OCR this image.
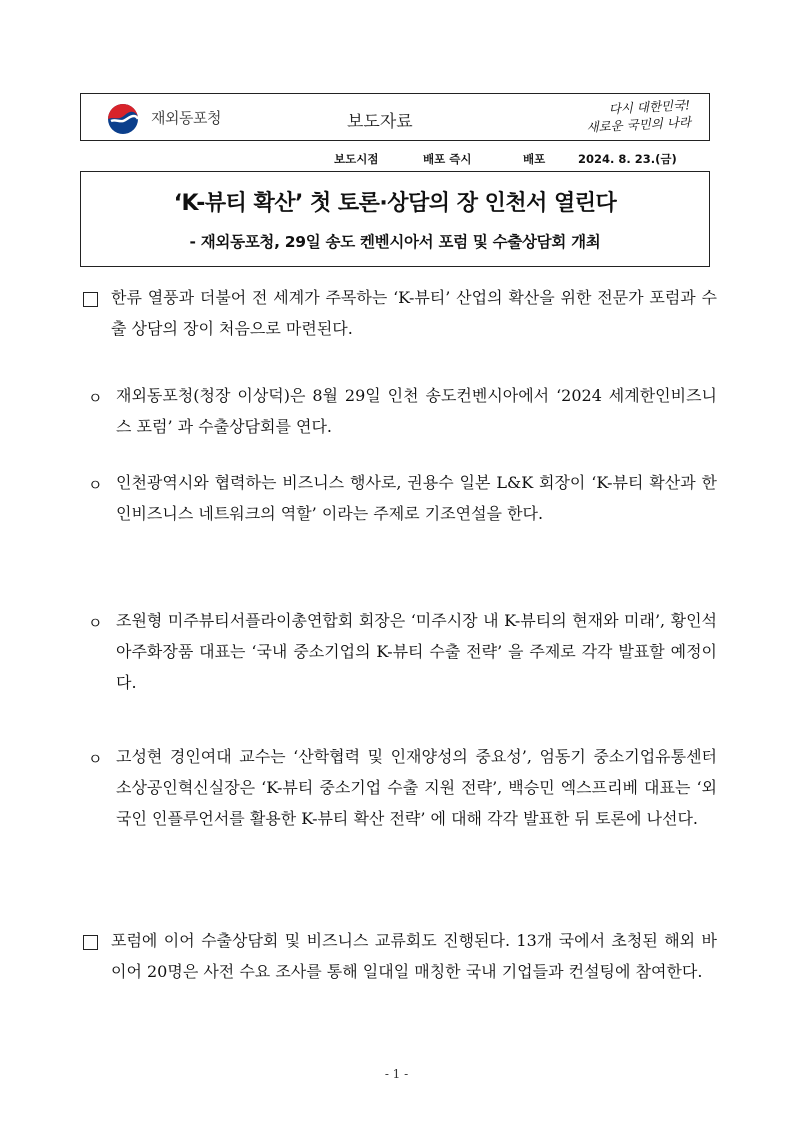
재외동포청	보도자료
다시 대한민국!
새로운 국민의 나라
보도시점	배포 즉시	배포	2024. 8. 23.(금)
‘K-뷰티 확산’ 첫 토론·상담의 장 인천서 열린다
- 재외동포청, 29일 송도 켄벤시아서 포럼 및 수출상담회 개최
한류 열풍과 더불어 전 세계가 주목하는 ‘K-뷰티’ 산업의 확산을 위한 전문가 포럼과 수출 상담의 장이 처음으로 마련된다.
ㅇ 재외동포청(청장 이상덕)은 8월 29일 인천 송도컨벤시아에서 ‘2024 세계한인비즈니스 포럼’ 과 수출상담회를 연다.
ㅇ 인천광역시와 협력하는 비즈니스 행사로, 권용수 일본 L&K 회장이 ‘K-뷰티 확산과 한인비즈니스 네트워크의 역할’ 이라는 주제로 기조연설을 한다.
ㅇ 조원형 미주뷰티서플라이총연합회 회장은 ‘미주시장 내 K-뷰티의 현재와 미래’, 황인석 아주화장품 대표는 ‘국내 중소기업의 K-뷰티 수출 전략’ 을 주제로 각각 발표할 예정이다.
ㅇ 고성현 경인여대 교수는 ‘산학협력 및 인재양성의 중요성’, 엄동기 중소기업유통센터 소상공인혁신실장은 ‘K-뷰티 중소기업 수출 지원 전략’, 백승민 엑스프리베 대표는 ‘외국인 인플루언서를 활용한 K-뷰티 확산 전략’ 에 대해 각각 발표한 뒤 토론에 나선다.
포럼에 이어 수출상담회 및 비즈니스 교류회도 진행된다. 13개 국에서 초청된 해외 바이어 20명은 사전 수요 조사를 통해 일대일 매칭한 국내 기업들과 컨설팅에 참여한다.
- 1 -
